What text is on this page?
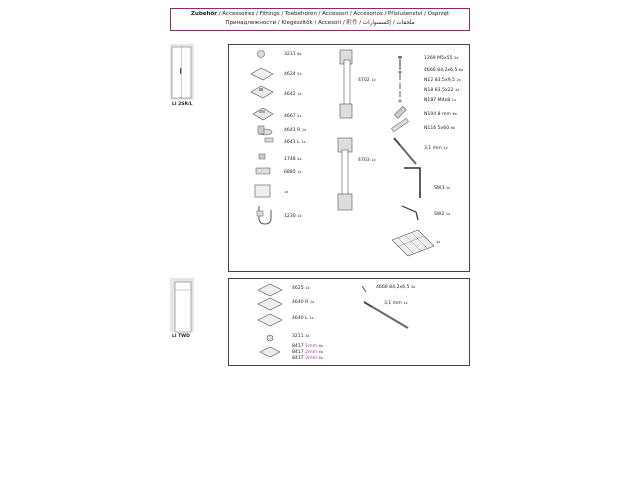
Zubehör / Accessoires / Fittings / Toebehoren / Accessori / Accesorios / Příslušenství / Osprzęt
Принадлежности / Kiegészítők / Accesori / 附件 / ملحقات / إكسسوارات
LI 2SR/L
LI TWD
3211 6x
4624 2x
4642 1x
4667 2x
4641 R 1x
4641 L 1x
1748 4x
6885 1x
1x
1230 1x
4702 1x
4703 1x
1269 M5x55 2x
4666 84,2x6,5 6x
N12 83,5x9,5 2x
N18 83,5x22 1x
N187 M4x8 1x
N104 8 mm 6x
N116 5x60 6x
3,1 mm 1x
SW3 1x
SW2 1x
1x
4625 1x
4640 R 1x
4640 L 1x
3211 3x
8417 1mm 4x
8417 2mm 4x
8417 3mm 2x
4666 84,2x6,5 3x
3,1 mm 1x
